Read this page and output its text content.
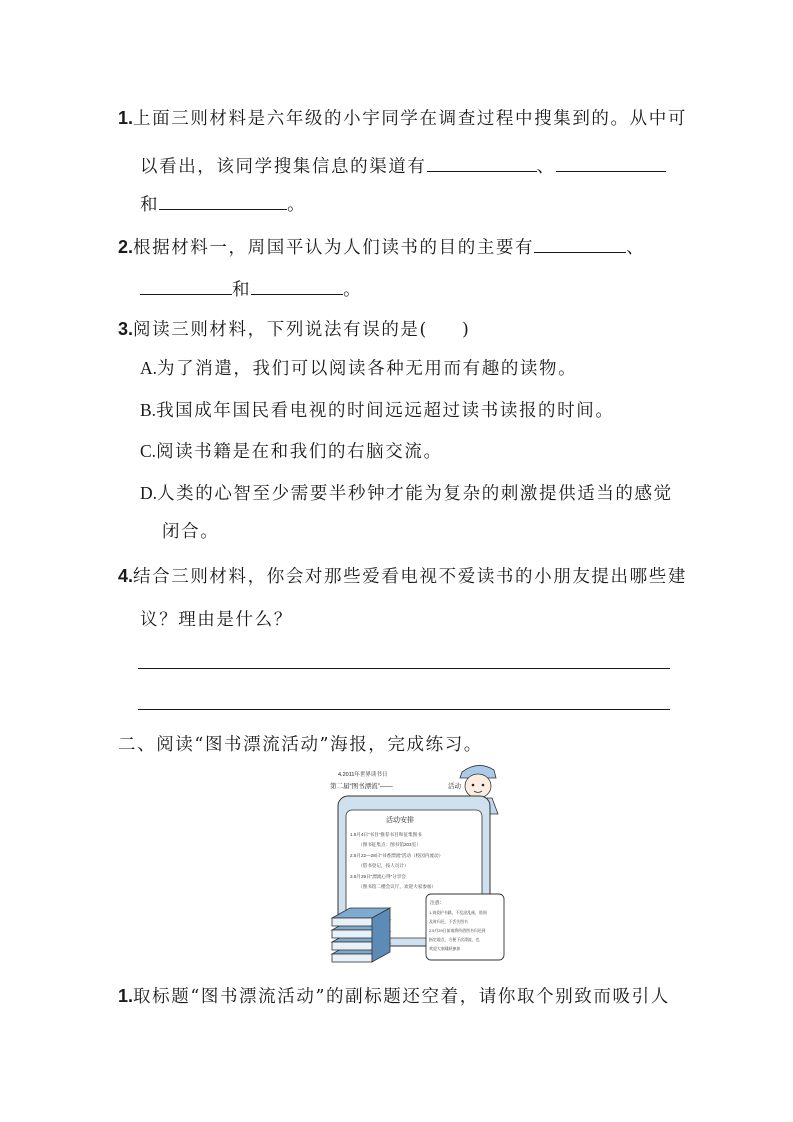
1.上面三则材料是六年级的小宇同学在调查过程中搜集到的。从中可
以看出，该同学搜集信息的渠道有	、
和	。
2.根据材料一，周国平认为人们读书的目的主要有	、
和	。
3.阅读三则材料，下列说法有误的是( )
A.为了消遣，我们可以阅读各种无用而有趣的读物。
B.我国成年国民看电视的时间远远超过读书读报的时间。
C.阅读书籍是在和我们的右脑交流。
D.人类的心智至少需要半秒钟才能为复杂的刺激提供适当的感觉
闭合。
4.结合三则材料，你会对那些爱看电视不爱读书的小朋友提出哪些建
议？理由是什么？
二、阅读“图书漂流活动”海报，完成练习。
4.2011年世界读书日
第二届“图书漂流”——	活动
活动安排
1.5月4日“书目”推荐书目和征集图书
（图书征集点：图书馆203室）
2.5月22—28日“书香漂流”活动（校园内流动）
（借书登记，按人员计）
3.5月29日“漂流心得”分享会
（图书馆二楼会议厅，欢迎大家参加）
注意：
1.请爱护书籍，不乱涂乱画，借阅
及时归还，不丢失图书
2.5月29日前请将所借图书归还到
指定地点，方便下次漂流，也
欢迎大家踊跃参加
1.取标题“图书漂流活动”的副标题还空着，请你取个别致而吸引人
